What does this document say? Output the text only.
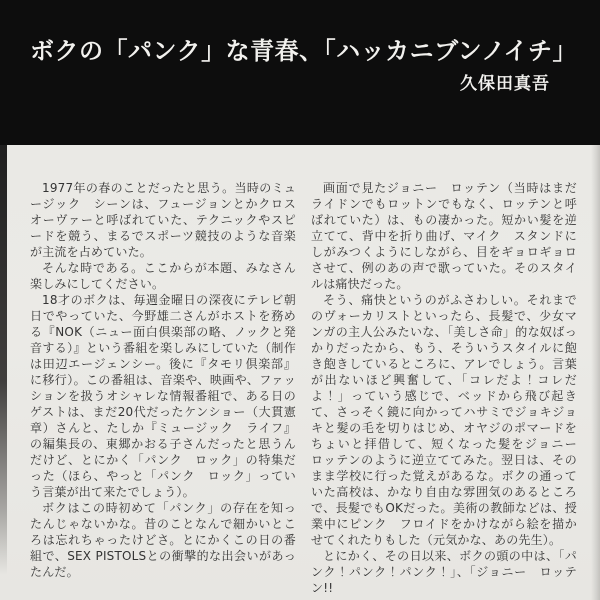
ボクの「パンク」な青春、「ハッカニブンノイチ」
久保田真吾

1977年の春のことだったと思う。当時のミュージック　シーンは、フュージョンとかクロス　オーヴァーと呼ばれていた、テクニックやスピードを競う、まるでスポーツ競技のような音楽が主流を占めていた。

そんな時である。ここからが本題、みなさん楽しみにしてください。

18才のボクは、毎週金曜日の深夜にテレビ朝日でやっていた、今野雄二さんがホストを務める『NOK（ニュー面白倶楽部の略、ノックと発音する）』という番組を楽しみにしていた（制作は田辺エージェンシー。後に『タモリ倶楽部』に移行）。この番組は、音楽や、映画や、ファッションを扱うオシャレな情報番組で、ある日のゲストは、まだ20代だったケンショー（大貫憲章）さんと、たしか『ミュージック　ライフ』の編集長の、東郷かおる子さんだったと思うんだけど、とにかく「パンク　ロック」の特集だった（ほら、やっと「パンク　ロック」っていう言葉が出て来たでしょう）。

ボクはこの時初めて「パンク」の存在を知ったんじゃないかな。昔のことなんで細かいところは忘れちゃったけどさ。とにかくこの日の番組で、SEX PISTOLSとの衝撃的な出会いがあったんだ。

画面で見たジョニー　ロッテン（当時はまだライドンでもロットンでもなく、ロッテンと呼ばれていた）は、もの凄かった。短かい髪を逆立てて、背中を折り曲げ、マイク　スタンドにしがみつくようにしながら、目をギョロギョロさせて、例のあの声で歌っていた。そのスタイルは痛快だった。

そう、痛快というのがふさわしい。それまでのヴォーカリストといったら、長髪で、少女マンガの主人公みたいな、「美しさ命」的な奴ばっかりだったから、もう、そういうスタイルに飽き飽きしているところに、アレでしょう。言葉が出ないほど興奮して、「コレだよ！コレだよ！」っていう感じで、ベッドから飛び起きて、さっそく鏡に向かってハサミでジョキジョキと髪の毛を切りはじめ、オヤジのポマードをちょいと拝借して、短くなった髪をジョニー　ロッテンのように逆立ててみた。翌日は、そのまま学校に行った覚えがあるな。ボクの通っていた高校は、かなり自由な雰囲気のあるところで、長髪でもOKだった。美術の教師などは、授業中にピンク　フロイドをかけながら絵を描かせてくれたりもした（元気かな、あの先生）。

とにかく、その日以来、ボクの頭の中は、「パンク！パンク！パンク！」、「ジョニー　ロッテン!!
